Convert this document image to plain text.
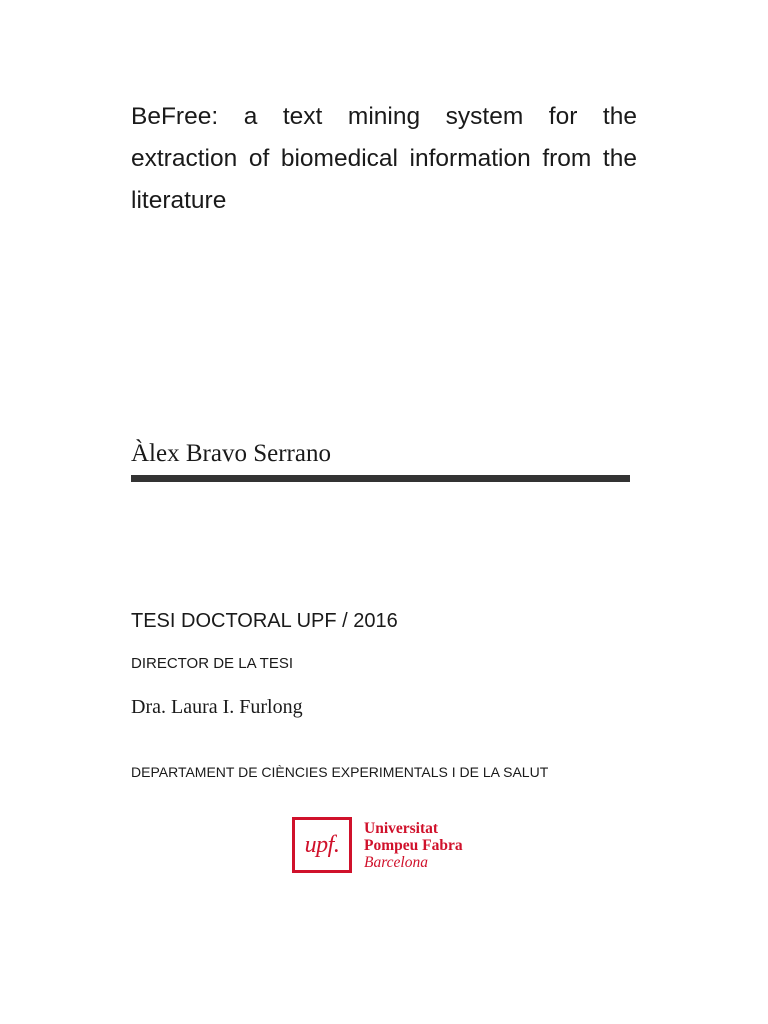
BeFree: a text mining system for the extraction of biomedical information from the literature

Àlex Bravo Serrano

TESI DOCTORAL UPF / 2016

DIRECTOR DE LA TESI

Dra. Laura I. Furlong

DEPARTAMENT DE CIÈNCIES EXPERIMENTALS I DE LA SALUT

upf.
Universitat
Pompeu Fabra
Barcelona
